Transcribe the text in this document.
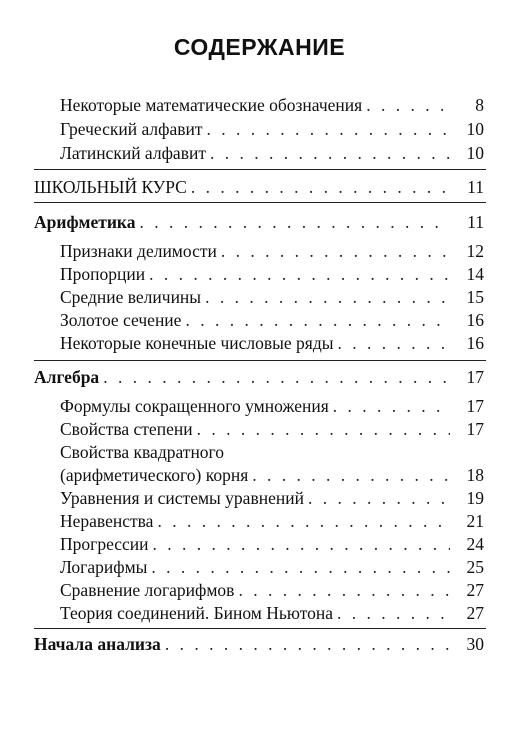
СОДЕРЖАНИЕ
Некоторые математические обозначения . . .	8
Греческий алфавит . . .	10
Латинский алфавит . . .	10
ШКОЛЬНЫЙ КУРС . . .	11
Арифметика . . .	11
Признаки делимости . . .	12
Пропорции . . .	14
Средние величины . . .	15
Золотое сечение . . .	16
Некоторые конечные числовые ряды . . .	16
Алгебра . . .	17
Формулы сокращенного умножения . . .	17
Свойства степени . . .	17
Свойства квадратного
(арифметического) корня . . .	18
Уравнения и системы уравнений . . .	19
Неравенства . . .	21
Прогрессии . . .	24
Логарифмы . . .	25
Сравнение логарифмов . . .	27
Теория соединений. Бином Ньютона . . .	27
Начала анализа . . .	30
